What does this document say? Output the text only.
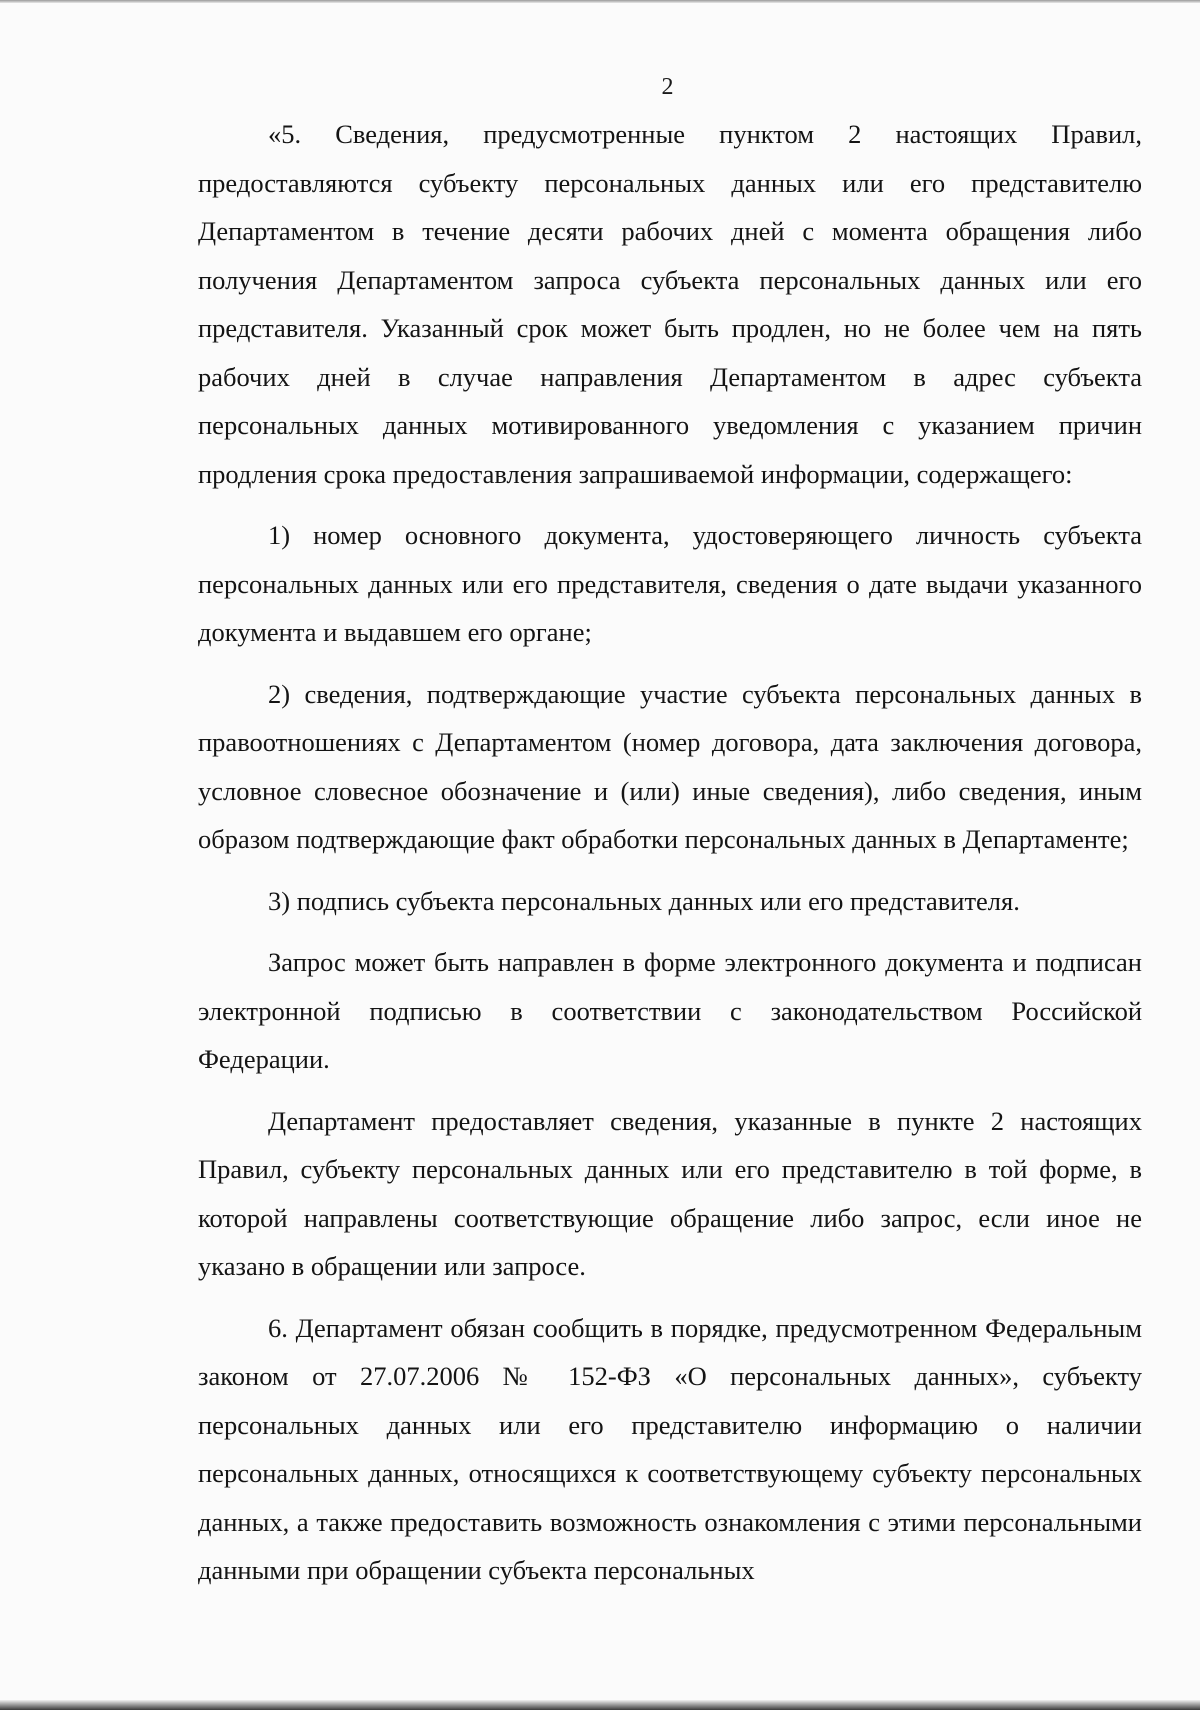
2

«5. Сведения, предусмотренные пунктом 2 настоящих Правил, предоставляются субъекту персональных данных или его представителю Департаментом в течение десяти рабочих дней с момента обращения либо получения Департаментом запроса субъекта персональных данных или его представителя. Указанный срок может быть продлен, но не более чем на пять рабочих дней в случае направления Департаментом в адрес субъекта персональных данных мотивированного уведомления с указанием причин продления срока предоставления запрашиваемой информации, содержащего:

1) номер основного документа, удостоверяющего личность субъекта персональных данных или его представителя, сведения о дате выдачи указанного документа и выдавшем его органе;

2) сведения, подтверждающие участие субъекта персональных данных в правоотношениях с Департаментом (номер договора, дата заключения договора, условное словесное обозначение и (или) иные сведения), либо сведения, иным образом подтверждающие факт обработки персональных данных в Департаменте;

3) подпись субъекта персональных данных или его представителя.

Запрос может быть направлен в форме электронного документа и подписан электронной подписью в соответствии с законодательством Российской Федерации.

Департамент предоставляет сведения, указанные в пункте 2 настоящих Правил, субъекту персональных данных или его представителю в той форме, в которой направлены соответствующие обращение либо запрос, если иное не указано в обращении или запросе.

6. Департамент обязан сообщить в порядке, предусмотренном Федеральным законом от 27.07.2006 № 152-ФЗ «О персональных данных», субъекту персональных данных или его представителю информацию о наличии персональных данных, относящихся к соответствующему субъекту персональных данных, а также предоставить возможность ознакомления с этими персональными данными при обращении субъекта персональных
